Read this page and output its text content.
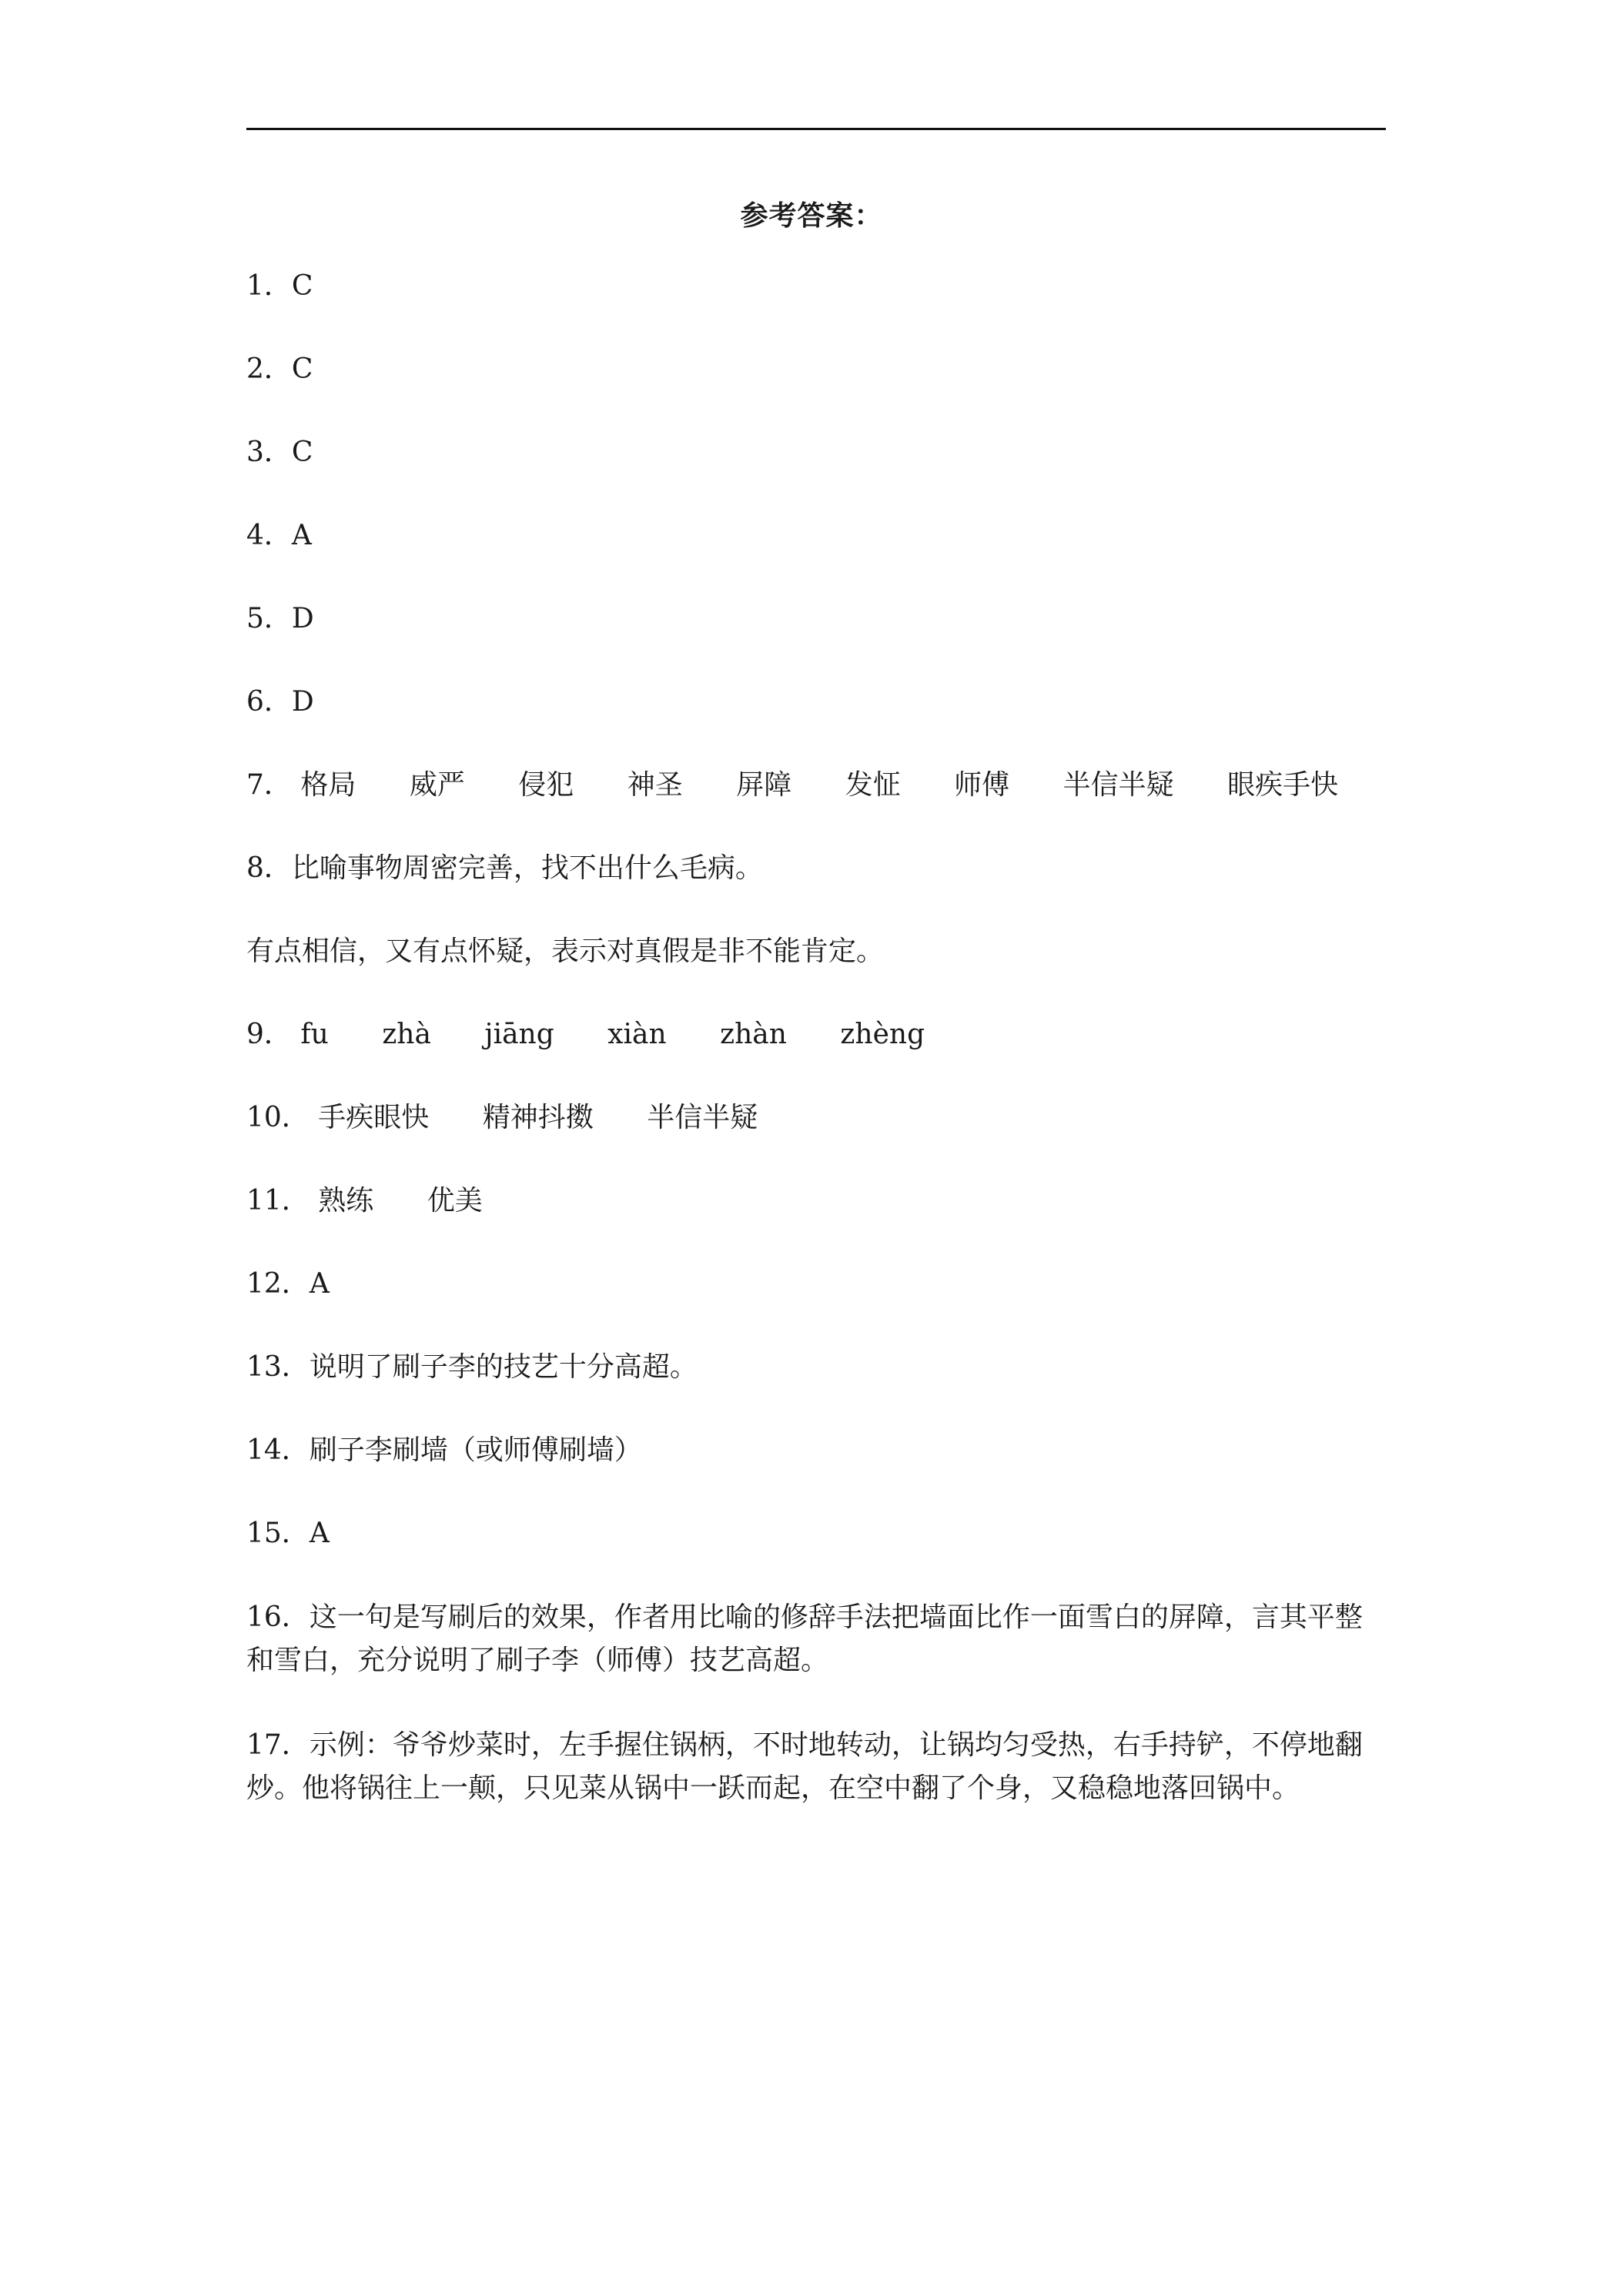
参考答案：
1．C
2．C
3．C
4．A
5．D
6．D
7． 格局 威严 侵犯 神圣 屏障 发怔 师傅 半信半疑 眼疾手快
8．比喻事物周密完善，找不出什么毛病。
有点相信，又有点怀疑，表示对真假是非不能肯定。
9． fu zhà jiāng xiàn zhàn zhèng
10． 手疾眼快 精神抖擞 半信半疑
11． 熟练 优美
12．A
13．说明了刷子李的技艺十分高超。
14．刷子李刷墙（或师傅刷墙）
15．A
16．这一句是写刷后的效果，作者用比喻的修辞手法把墙面比作一面雪白的屏障，言其平整
和雪白，充分说明了刷子李（师傅）技艺高超。
17．示例：爷爷炒菜时，左手握住锅柄，不时地转动，让锅均匀受热，右手持铲，不停地翻
炒。他将锅往上一颠，只见菜从锅中一跃而起，在空中翻了个身，又稳稳地落回锅中。
